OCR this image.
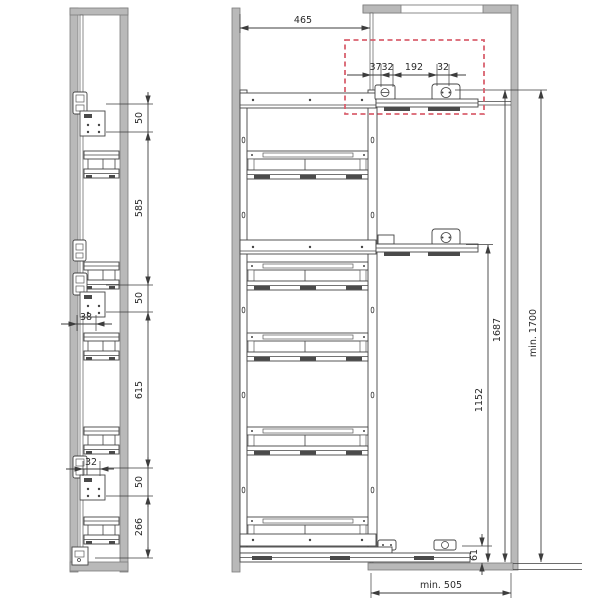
50
585
50
615
50
266
38
32
465
37 32 192 32
1152
1687	min. 1700
61
min. 505
